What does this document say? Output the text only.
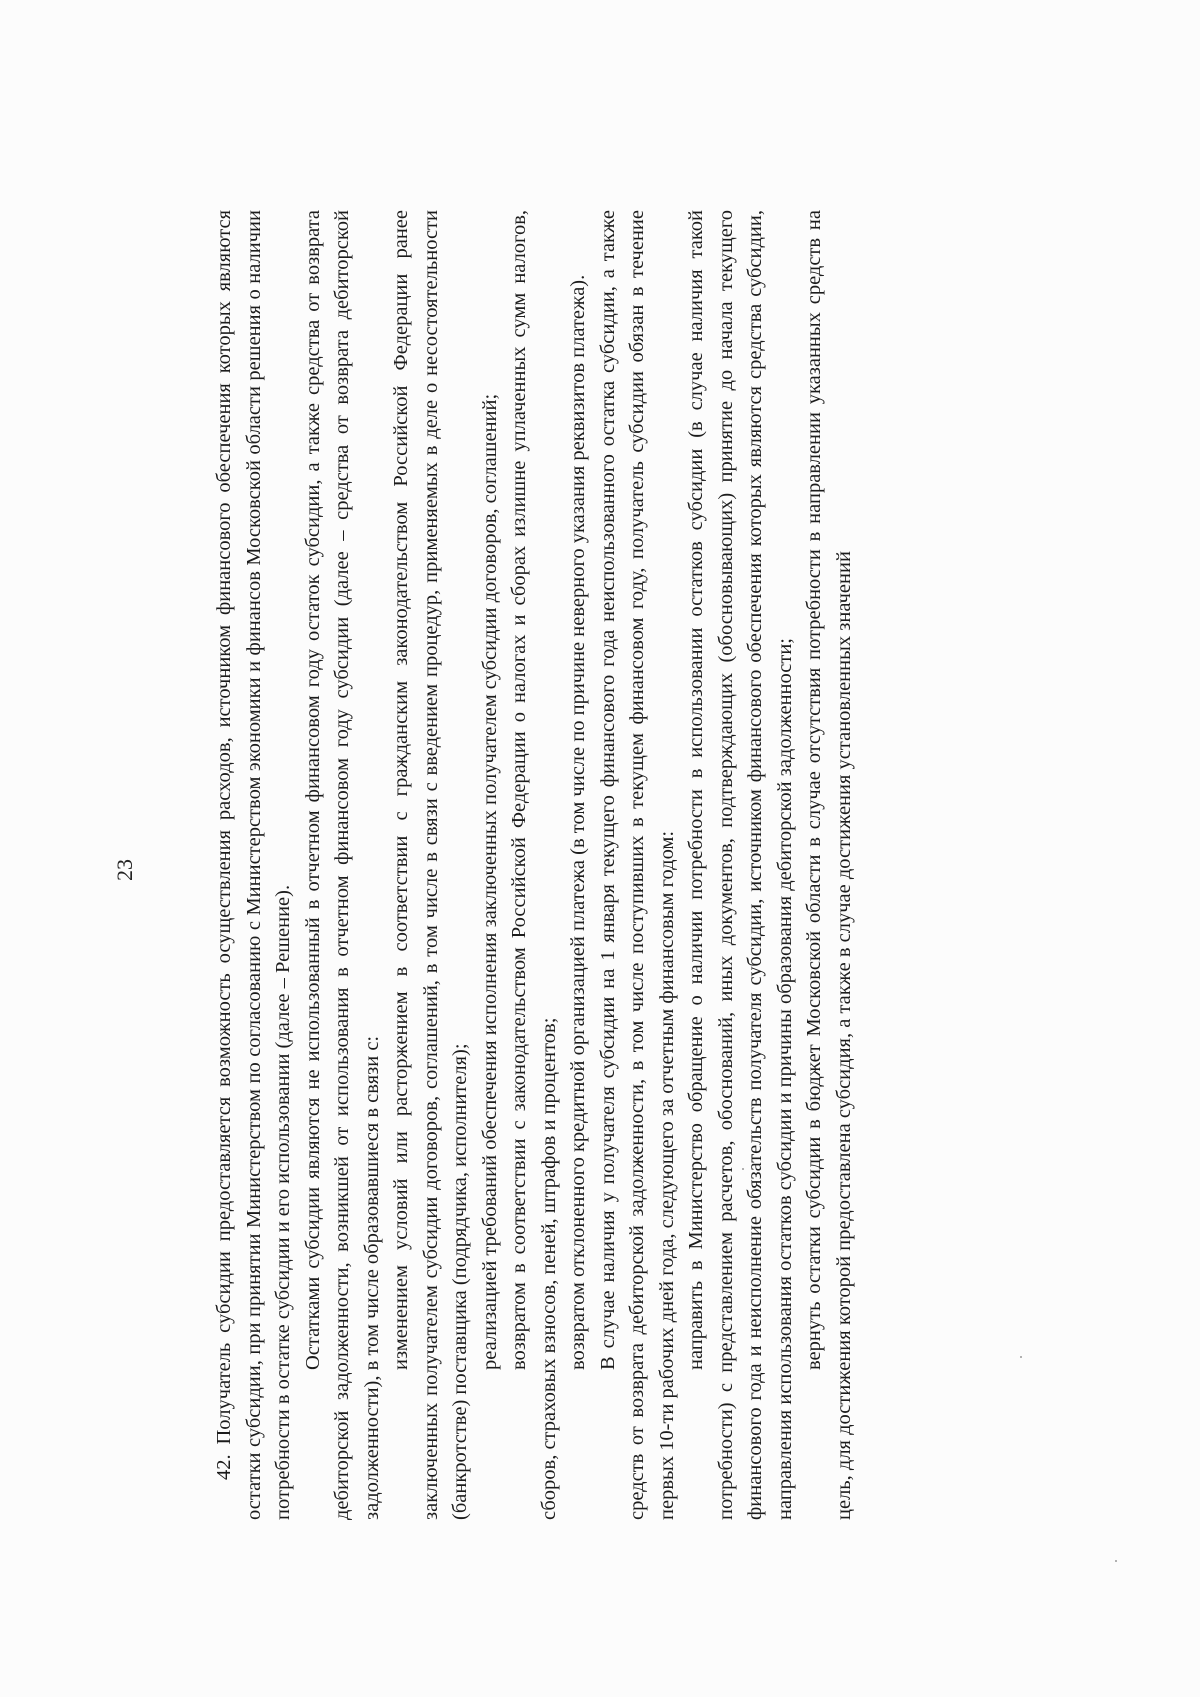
23	42. Получатель субсидии предоставляется возможность осуществления расходов, источником финансового обеспечения которых являются остатки субсидии, при принятии Министерством по согласованию с Министерством экономики и финансов Московской области решения о наличии потребности в остатке субсидии и его использовании (далее – Решение). Остатками субсидии являются не использованный в отчетном финансовом году остаток субсидии, а также средства от возврата дебиторской задолженности, возникшей от использования в отчетном финансовом году субсидии (далее – средства от возврата дебиторской задолженности), в том числе образовавшиеся в связи с: изменением условий или расторжением в соответствии с гражданским законодательством Российской Федерации ранее заключенных получателем субсидии договоров, соглашений, в том числе в связи с введением процедур, применяемых в деле о несостоятельности (банкротстве) поставщика (подрядчика, исполнителя); реализацией требований обеспечения исполнения заключенных получателем субсидии договоров, соглашений; возвратом в соответствии с законодательством Российской Федерации о налогах и сборах излишне уплаченных сумм налогов, сборов, страховых взносов, пеней, штрафов и процентов; возвратом отклоненного кредитной организацией платежа (в том числе по причине неверного указания реквизитов платежа). В случае наличия у получателя субсидии на 1 января текущего финансового года неиспользованного остатка субсидии, а также средств от возврата дебиторской задолженности, в том числе поступивших в текущем финансовом году, получатель субсидии обязан в течение первых 10-ти рабочих дней года, следующего за отчетным финансовым годом: направить в Министерство обращение о наличии потребности в использовании остатков субсидии (в случае наличия такой потребности) с представлением расчетов, обоснований, иных документов, подтверждающих (обосновывающих) принятие до начала текущего финансового года и неисполнение обязательств получателя субсидии, источником финансового обеспечения которых являются средства субсидии, направления использования остатков субсидии и причины образования дебиторской задолженности; вернуть остатки субсидии в бюджет Московской области в случае отсутствия потребности в направлении указанных средств на цель, для достижения которой предоставлена субсидия, а также в случае достижения установленных значений
